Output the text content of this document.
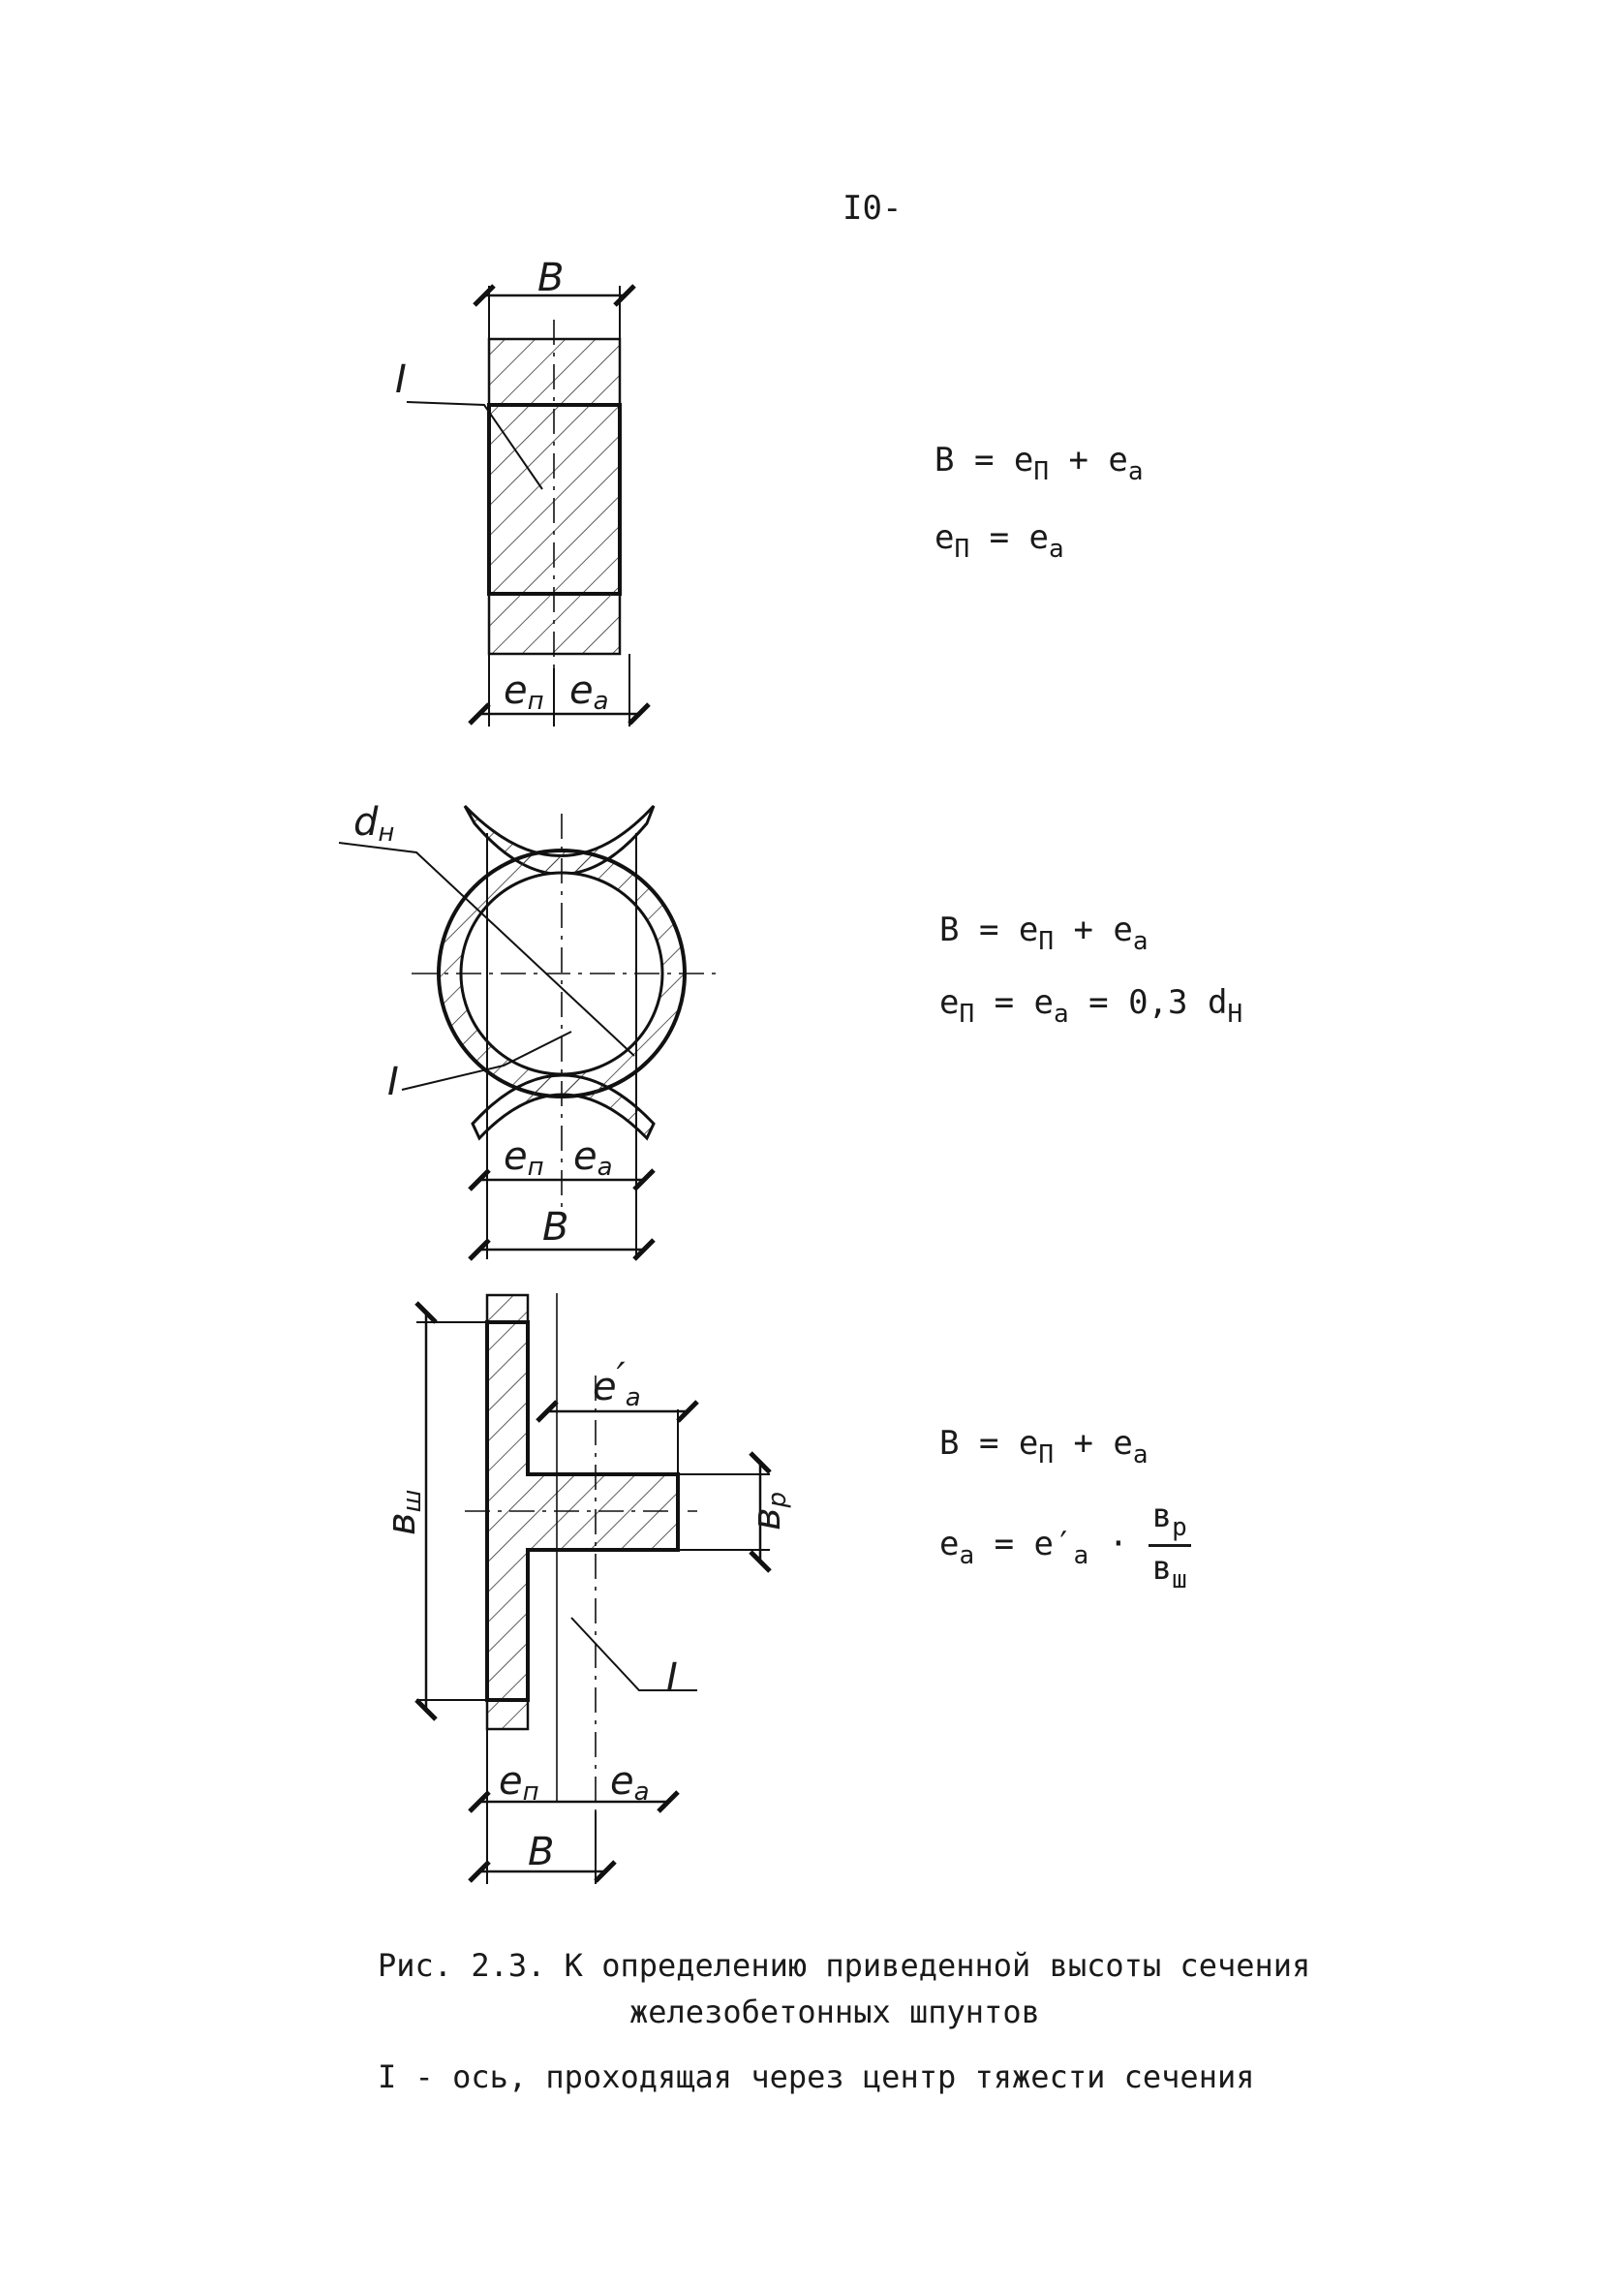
I0-
B
I
eп ea
dн
I
eп ea
B
e′a
вш
вр
I
eп ea
B
$B = e_П + e_a$
$e_П = e_a$
$B = e_П + e_a$
$e_П = e_a = 0,3$ $d_Н$
$B = e_П + e_a$
$e_a = e'_a \cdot \frac{в_р}{в_ш}$
Рис. 2.3. К определению приведенной высоты сечения
железобетонных шпунтов
I - ось, проходящая через центр тяжести сечения
